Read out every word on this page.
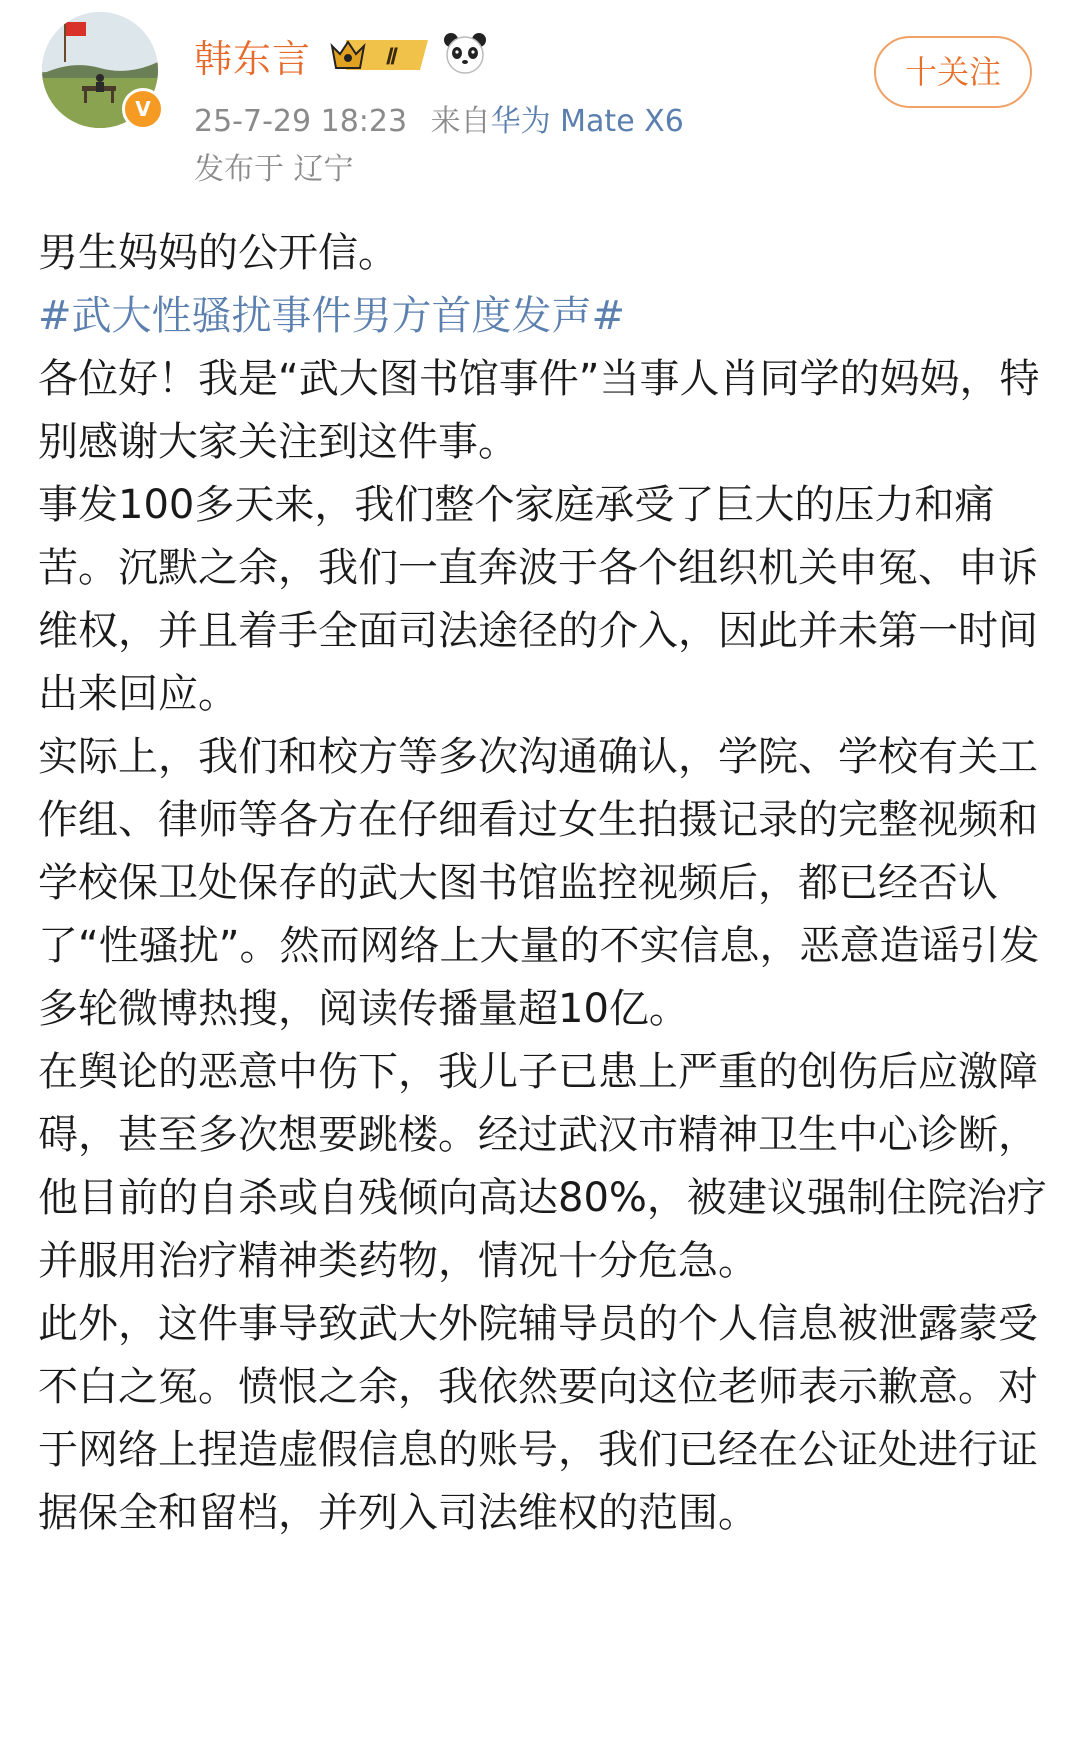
V
韩东言	Ⅱ
25-7-29 18:23 来自华为 Mate X6
发布于 辽宁
十关注

男生妈妈的公开信。

#武大性骚扰事件男方首度发声#

各位好！我是“武大图书馆事件”当事人肖同学的妈妈，特别感谢大家关注到这件事。

事发100多天来，我们整个家庭承受了巨大的压力和痛苦。沉默之余，我们一直奔波于各个组织机关申冤、申诉维权，并且着手全面司法途径的介入，因此并未第一时间出来回应。

实际上，我们和校方等多次沟通确认，学院、学校有关工作组、律师等各方在仔细看过女生拍摄记录的完整视频和学校保卫处保存的武大图书馆监控视频后，都已经否认了“性骚扰”。然而网络上大量的不实信息，恶意造谣引发多轮微博热搜，阅读传播量超10亿。

在舆论的恶意中伤下，我儿子已患上严重的创伤后应激障碍，甚至多次想要跳楼。经过武汉市精神卫生中心诊断，他目前的自杀或自残倾向高达80%，被建议强制住院治疗并服用治疗精神类药物，情况十分危急。

此外，这件事导致武大外院辅导员的个人信息被泄露蒙受不白之冤。愤恨之余，我依然要向这位老师表示歉意。对于网络上捏造虚假信息的账号，我们已经在公证处进行证据保全和留档，并列入司法维权的范围。
